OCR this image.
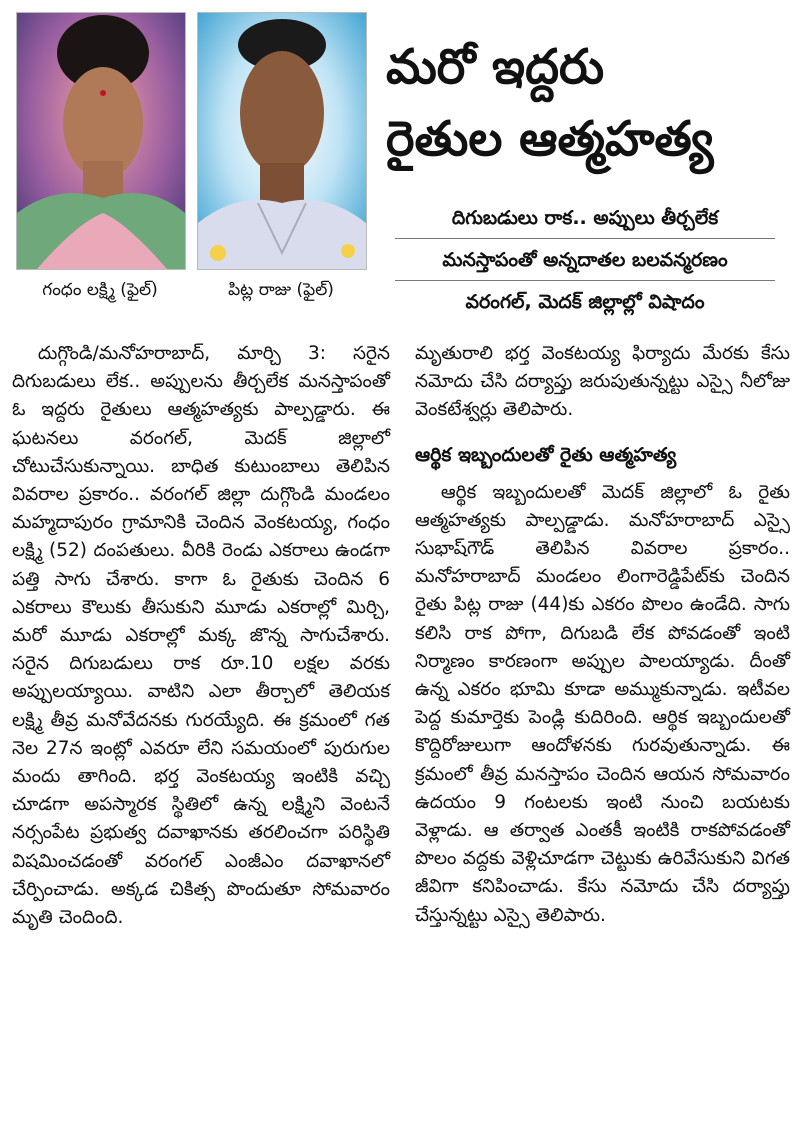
గంధం లక్ష్మి (ఫైల్)	పిట్ల రాజు (ఫైల్)
మరో ఇద్దరు
రైతుల ఆత్మహత్య
దిగుబడులు రాక.. అప్పులు తీర్చలేక
మనస్తాపంతో అన్నదాతల బలవన్మరణం
వరంగల్, మెదక్ జిల్లాల్లో విషాదం

దుగ్గొండి/మనోహరాబాద్, మార్చి 3: సరైన దిగుబడులు లేక.. అప్పులను తీర్చలేక మనస్తాపంతో ఓ ఇద్దరు రైతులు ఆత్మహత్యకు పాల్పడ్డారు. ఈ ఘటనలు వరంగల్, మెదక్ జిల్లాలో చోటుచేసుకున్నాయి. బాధిత కుటుంబాలు తెలిపిన వివరాల ప్రకారం.. వరంగల్ జిల్లా దుగ్గొండి మండలం మహ్మదాపురం గ్రామానికి చెందిన వెంకటయ్య, గంధం లక్ష్మి (52) దంపతులు. వీరికి రెండు ఎకరాలు ఉండగా పత్తి సాగు చేశారు. కాగా ఓ రైతుకు చెందిన 6 ఎకరాలు కౌలుకు తీసుకుని మూడు ఎకరాల్లో మిర్చి, మరో మూడు ఎకరాల్లో మక్క జొన్న సాగుచేశారు. సరైన దిగుబడులు రాక రూ.10 లక్షల వరకు అప్పులయ్యాయి. వాటిని ఎలా తీర్చాలో తెలియక లక్ష్మి తీవ్ర మనోవేదనకు గురయ్యేది. ఈ క్రమంలో గత నెల 27న ఇంట్లో ఎవరూ లేని సమయంలో పురుగుల మందు తాగింది. భర్త వెంకటయ్య ఇంటికి వచ్చి చూడగా అపస్మారక స్థితిలో ఉన్న లక్ష్మిని వెంటనే నర్సంపేట ప్రభుత్వ దవాఖానకు తరలించగా పరిస్థితి విషమించడంతో వరంగల్ ఎంజీఎం దవాఖానలో చేర్పించాడు. అక్కడ చికిత్స పొందుతూ సోమవారం మృతి చెందింది.

మృతురాలి భర్త వెంకటయ్య ఫిర్యాదు మేరకు కేసు నమోదు చేసి దర్యాప్తు జరుపుతున్నట్టు ఎస్సై నీలోజు వెంకటేశ్వర్లు తెలిపారు.

ఆర్థిక ఇబ్బందులతో రైతు ఆత్మహత్య

ఆర్థిక ఇబ్బందులతో మెదక్ జిల్లాలో ఓ రైతు ఆత్మహత్యకు పాల్పడ్డాడు. మనోహరాబాద్ ఎస్సై సుభాష్‌గౌడ్ తెలిపిన వివరాల ప్రకారం.. మనోహరాబాద్ మండలం లింగారెడ్డిపేట్‌కు చెందిన రైతు పిట్ల రాజు (44)కు ఎకరం పొలం ఉండేది. సాగు కలిసి రాక పోగా, దిగుబడి లేక పోవడంతో ఇంటి నిర్మాణం కారణంగా అప్పుల పాలయ్యాడు. దీంతో ఉన్న ఎకరం భూమి కూడా అమ్ముకున్నాడు. ఇటీవల పెద్ద కుమార్తెకు పెండ్లి కుదిరింది. ఆర్థిక ఇబ్బందులతో కొద్దిరోజులుగా ఆందోళనకు గురవుతున్నాడు. ఈ క్రమంలో తీవ్ర మనస్తాపం చెందిన ఆయన సోమవారం ఉదయం 9 గంటలకు ఇంటి నుంచి బయటకు వెళ్లాడు. ఆ తర్వాత ఎంతకీ ఇంటికి రాకపోవడంతో పొలం వద్దకు వెళ్లిచూడగా చెట్టుకు ఉరివేసుకుని విగత జీవిగా కనిపించాడు. కేసు నమోదు చేసి దర్యాప్తు చేస్తున్నట్టు ఎస్సై తెలిపారు.
